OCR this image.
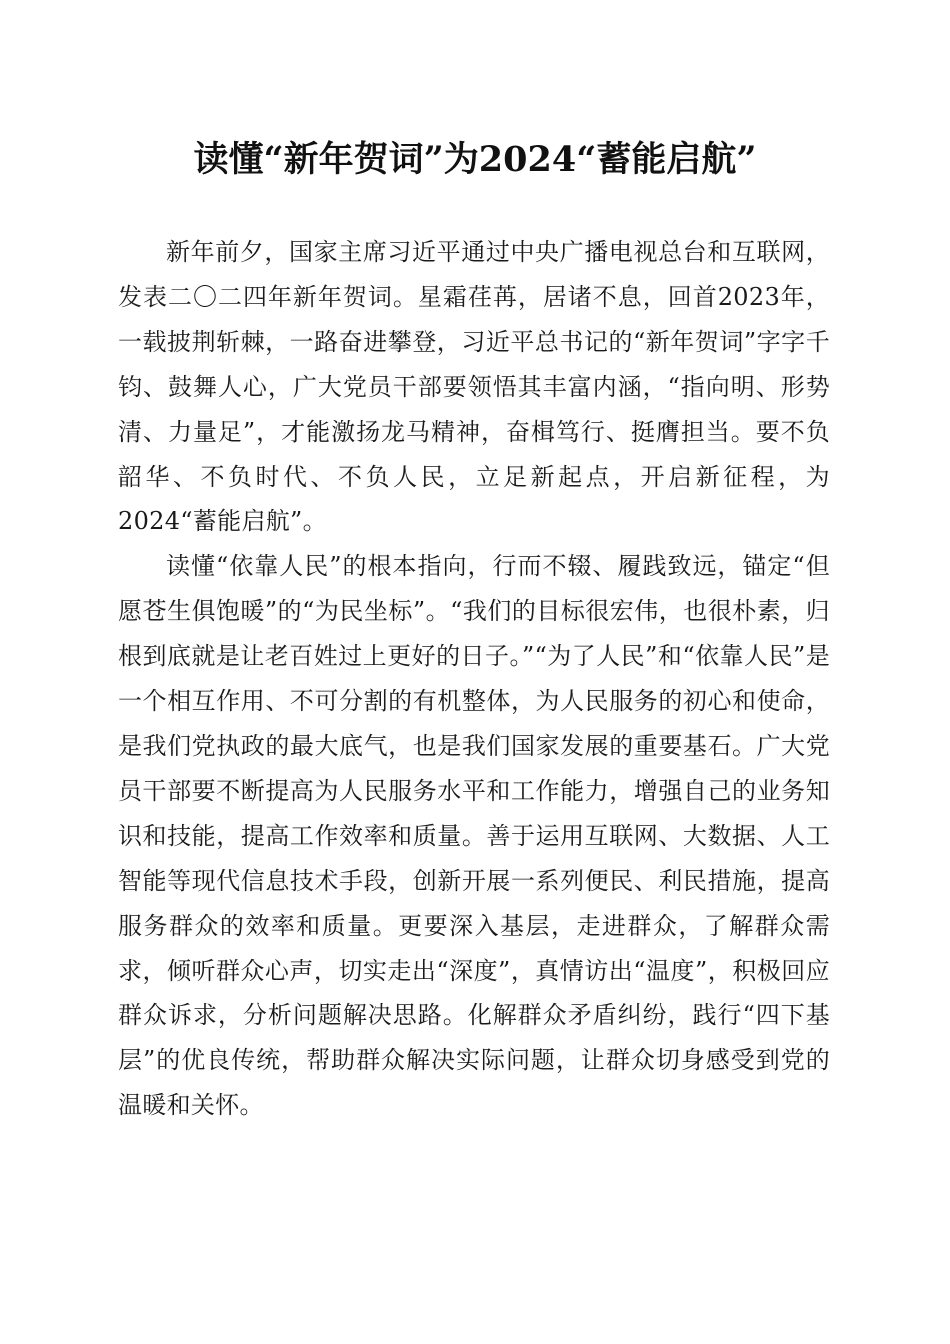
读懂“新年贺词”为2024“蓄能启航”

新年前夕，国家主席习近平通过中央广播电视总台和互联网，发表二〇二四年新年贺词。星霜荏苒，居诸不息，回首2023年，一载披荆斩棘，一路奋进攀登，习近平总书记的“新年贺词”字字千钧、鼓舞人心，广大党员干部要领悟其丰富内涵，“指向明、形势清、力量足”，才能激扬龙马精神，奋楫笃行、挺膺担当。要不负韶华、不负时代、不负人民，立足新起点，开启新征程，为2024“蓄能启航”。

读懂“依靠人民”的根本指向，行而不辍、履践致远，锚定“但愿苍生俱饱暖”的“为民坐标”。“我们的目标很宏伟，也很朴素，归根到底就是让老百姓过上更好的日子。”“为了人民”和“依靠人民”是一个相互作用、不可分割的有机整体，为人民服务的初心和使命，是我们党执政的最大底气，也是我们国家发展的重要基石。广大党员干部要不断提高为人民服务水平和工作能力，增强自己的业务知识和技能，提高工作效率和质量。善于运用互联网、大数据、人工智能等现代信息技术手段，创新开展一系列便民、利民措施，提高服务群众的效率和质量。更要深入基层，走进群众，了解群众需求，倾听群众心声，切实走出“深度”，真情访出“温度”，积极回应群众诉求，分析问题解决思路。化解群众矛盾纠纷，践行“四下基层”的优良传统，帮助群众解决实际问题，让群众切身感受到党的温暖和关怀。
